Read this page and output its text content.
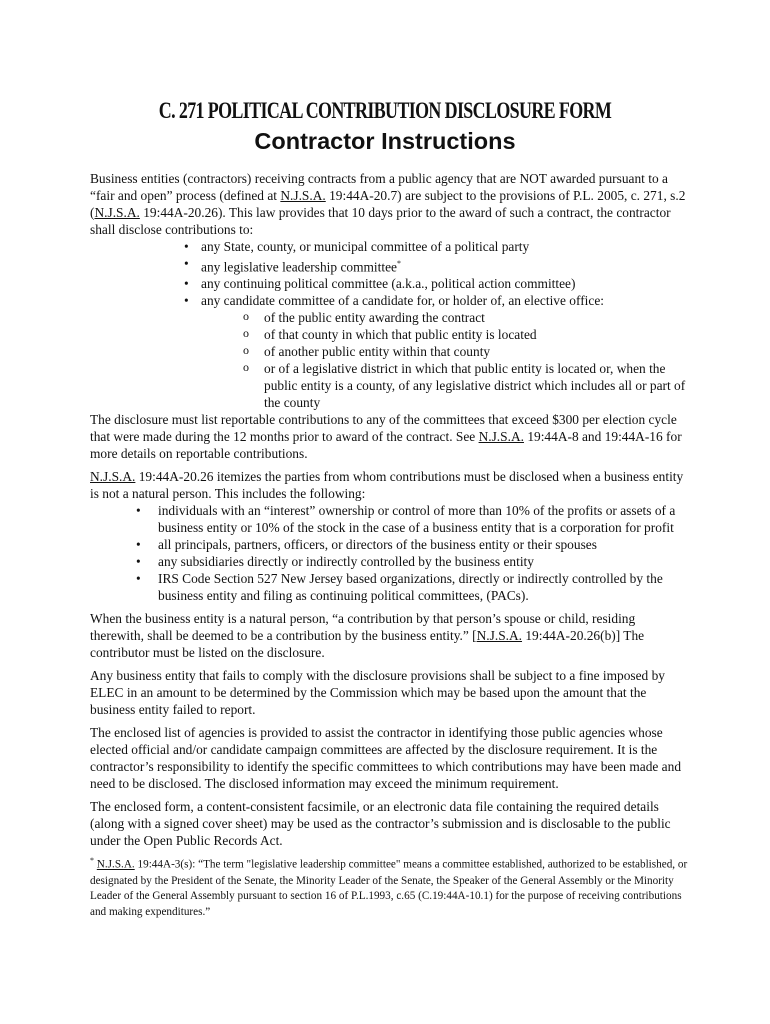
C. 271 POLITICAL CONTRIBUTION DISCLOSURE FORM
Contractor Instructions

Business entities (contractors) receiving contracts from a public agency that are NOT awarded pursuant to a “fair and open” process (defined at N.J.S.A. 19:44A-20.7) are subject to the provisions of P.L. 2005, c. 271, s.2 (N.J.S.A. 19:44A-20.26). This law provides that 10 days prior to the award of such a contract, the contractor shall disclose contributions to:

• any State, county, or municipal committee of a political party
• any legislative leadership committee*
• any continuing political committee (a.k.a., political action committee)
• any candidate committee of a candidate for, or holder of, an elective office:
o of the public entity awarding the contract
o of that county in which that public entity is located
o of another public entity within that county
o or of a legislative district in which that public entity is located or, when the public entity is a county, of any legislative district which includes all or part of the county

The disclosure must list reportable contributions to any of the committees that exceed $300 per election cycle that were made during the 12 months prior to award of the contract. See N.J.S.A. 19:44A-8 and 19:44A-16 for more details on reportable contributions.

N.J.S.A. 19:44A-20.26 itemizes the parties from whom contributions must be disclosed when a business entity is not a natural person. This includes the following:

• individuals with an “interest” ownership or control of more than 10% of the profits or assets of a business entity or 10% of the stock in the case of a business entity that is a corporation for profit
• all principals, partners, officers, or directors of the business entity or their spouses
• any subsidiaries directly or indirectly controlled by the business entity
• IRS Code Section 527 New Jersey based organizations, directly or indirectly controlled by the business entity and filing as continuing political committees, (PACs).

When the business entity is a natural person, “a contribution by that person’s spouse or child, residing therewith, shall be deemed to be a contribution by the business entity.” [N.J.S.A. 19:44A-20.26(b)] The contributor must be listed on the disclosure.

Any business entity that fails to comply with the disclosure provisions shall be subject to a fine imposed by ELEC in an amount to be determined by the Commission which may be based upon the amount that the business entity failed to report.

The enclosed list of agencies is provided to assist the contractor in identifying those public agencies whose elected official and/or candidate campaign committees are affected by the disclosure requirement. It is the contractor’s responsibility to identify the specific committees to which contributions may have been made and need to be disclosed. The disclosed information may exceed the minimum requirement.

The enclosed form, a content-consistent facsimile, or an electronic data file containing the required details (along with a signed cover sheet) may be used as the contractor’s submission and is disclosable to the public under the Open Public Records Act.

* N.J.S.A. 19:44A-3(s): “The term "legislative leadership committee" means a committee established, authorized to be established, or designated by the President of the Senate, the Minority Leader of the Senate, the Speaker of the General Assembly or the Minority Leader of the General Assembly pursuant to section 16 of P.L.1993, c.65 (C.19:44A-10.1) for the purpose of receiving contributions and making expenditures.”
